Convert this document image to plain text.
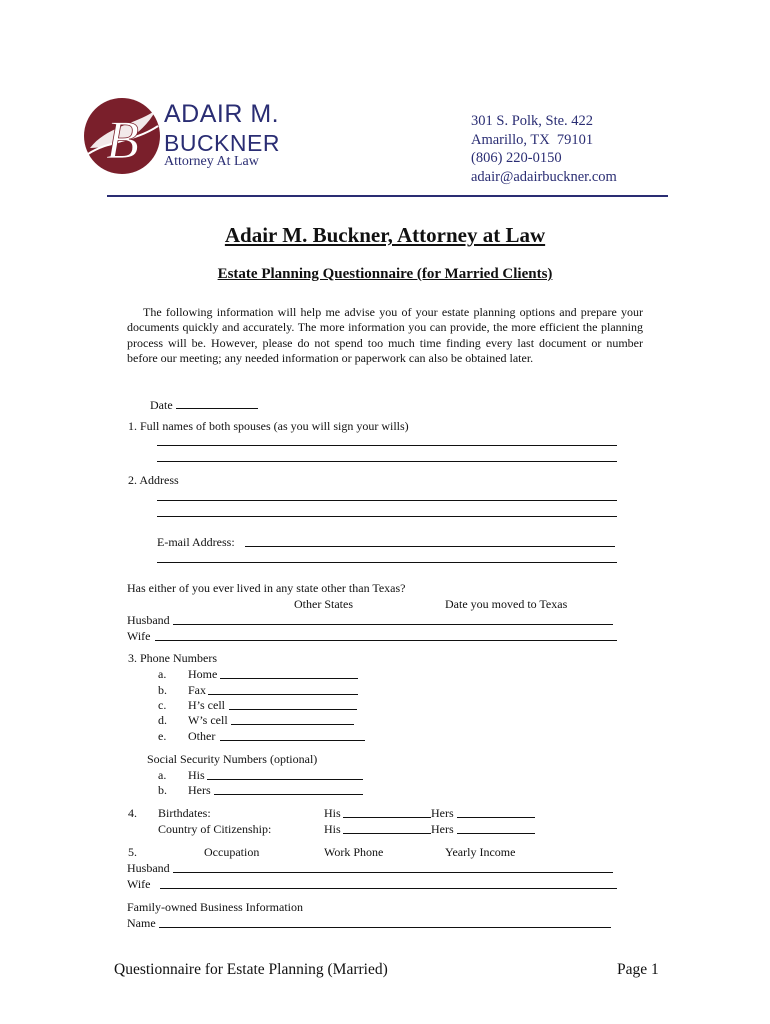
B ADAIR M.
BUCKNER
Attorney At Law
301 S. Polk, Ste. 422
Amarillo, TX  79101
(806) 220-0150
adair@adairbuckner.com
Adair M. Buckner, Attorney at Law
Estate Planning Questionnaire (for Married Clients)

The following information will help me advise you of your estate planning options and prepare your documents quickly and accurately. The more information you can provide, the more efficient the planning process will be. However, please do not spend too much time finding every last document or number before our meeting; any needed information or paperwork can also be obtained later.

Date
1. Full names of both spouses (as you will sign your wills)
2. Address
E-mail Address:
Has either of you ever lived in any state other than Texas?
Other States	Date you moved to Texas
Husband
Wife
3. Phone Numbers
a. Home
b. Fax
c. H’s cell
d. W’s cell
e. Other
Social Security Numbers (optional)
a. His
b. Hers
4. Birthdates:	His	Hers
Country of Citizenship:	His	Hers
5.	Occupation	Work Phone	Yearly Income
Husband
Wife
Family-owned Business Information
Name
Questionnaire for Estate Planning (Married)	Page 1
